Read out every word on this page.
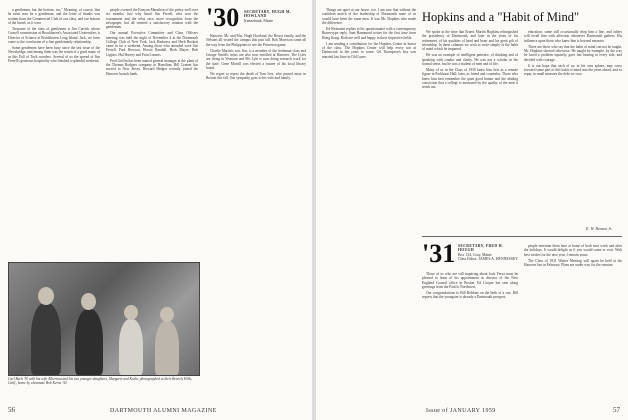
a gentleman, but the bottom, too," Meaning, of course, that he must now be a gentleman, and the letter of thanks was written from the Commercial Club of our class, and our bottom of the barrel, as it were.

Treasurer of the class of gentlemen is Jim Carrick whose Cornell commission at Brookhaven's Associated Universities is Director of Science at Brookhaven Long Island. Jack, we have come to the conclusion of a fine gentlemanly relationship.

Some gentlemen have been busy since the last issue of the Newsbridge, and among them was the return of a good many of us this Fall of Tuck wonders. Several of us the spread of Jim Ferrell's generous hospitality who finished a splendid weekend.

people covered the Kenyon Marathon of the pretty-well over six months. Just why hasn't Jim Ferrell, who won the tournament and the relay race, more recognition from the newspaper, but all seemed a satisfactory reunion with the gentleman.

Our annual Executive Committee and Class Officers meeting was held the night of November 4 at the Dartmouth College Club of New York. Jack Harkness and Herb Beckett came in for a weekend. Among those who attended were Jim Ferrell, Paul Hewson, Howie Randall, Herb Mayer, Bob Lippert, Hal Harvey and Fran Loomis.

Fred Griffin has been named general manager at the plant of the Thomas Rodgers company in Hamilton; Bill Cramer has moved to New Jersey. Howard Hedges recently joined the Hanover branch bank.

'30 SECRETARY, HUGH M. HOWLAND
Kennebunk, Maine

Hanover, Mr. and Mrs. Hugh Howland, the Rivers family, and the Nelsons all visited the campus this past fall. Bob Morrison came all the way from the Philippines to see the Princeton game.

Charlie Martin's son, Jim, is a member of the freshman class and George Smith's twins are also now enrolled at Hanover. The Lyles are living in Vermont and Mr. Lyle is now doing research work for the state. Gene Morrill was elected a trustee of his local library board.

We regret to report the death of Tom Ives, who passed away in Boston this fall. Our sympathy goes to his wife and family.

Carl Bach '30 with his wife Albertina and his two younger daughters, Margaret and Karla, photographed at their Beverly Hills, Calif., home by classmate Bob Kerns '30.
56	DARTMOUTH ALUMNI MAGAZINE

Things are quiet at our house, too. I am sure that without the confident march of the leadership of Dartmouth none of us would have been the same men. It was Mr. Hopkins who made the difference.

Ed Weinstein replies to his questionnaire with a contemporary Bones-type reply. Sam Hammond writes for the first time from Hong Kong. Both are well and happy in their respective fields.

I am sending a contribution for the Hopkins Center in honor of the class. The Hopkins Center will help every son at Dartmouth in the years to come. Gil Thompson's boy was married last June in Old Lyme.

Hopkins and a "Habit of Mind"

We spoke at the time that Ernest Martin Hopkins relinquished the presidency of Dartmouth, and later in the years of his retirement, of his qualities of head and heart and his great gift of friendship. In these columns we wish to write simply of the habit of mind which he imparted.

He was an example of intelligent patience, of thinking and of speaking with candor and clarity. He was not a scholar in the formal sense, but he was a student of men and of life.

Many of us in the Class of 1930 knew him first as a remote figure in Parkhurst Hall; later, as friend and counselor. Those who knew him best remember the quiet good humor and the abiding conviction that a college is measured by the quality of the men it sends out.

education, some still occasionally drop him a line, and others will recall him with affection whenever Dartmouth gathers. His influence upon those who knew him is beyond measure.

There are those who say that the habit of mind can not be taught. Mr. Hopkins showed otherwise. He taught by example, by the way he faced a problem squarely, gave fair hearing to every side, and decided with courage.

It is our hope that each of us, in his own sphere, may carry forward some part of this habit of mind into the years ahead, and so repay in small measure the debt we owe.

E. W. Benson Jr.
'31 SECRETARY, FRED H. HOUGH
Box 134, Gray, Maine
Class Editor, JAMES A. HENNESSEY

Those of us who are still inquiring about Jack Yerxa must be pleased to learn of his appointment as director of the New England Council office in Boston. Ed Cooper has sent along greetings from the Pacific Northwest.

Our congratulations to Bill Robbins on the birth of a son. Bill reports that the youngster is already a Dartmouth prospect.

people entertain them here at home of both next week and after the holidays. It would delight us if you would come to visit. With best wishes for the new year, I remain yours.

The Class of 1931 Winter Meeting will again be held at the Hanover Inn in February. Plans are under way for the reunion.

Issue of JANUARY 1959	57
